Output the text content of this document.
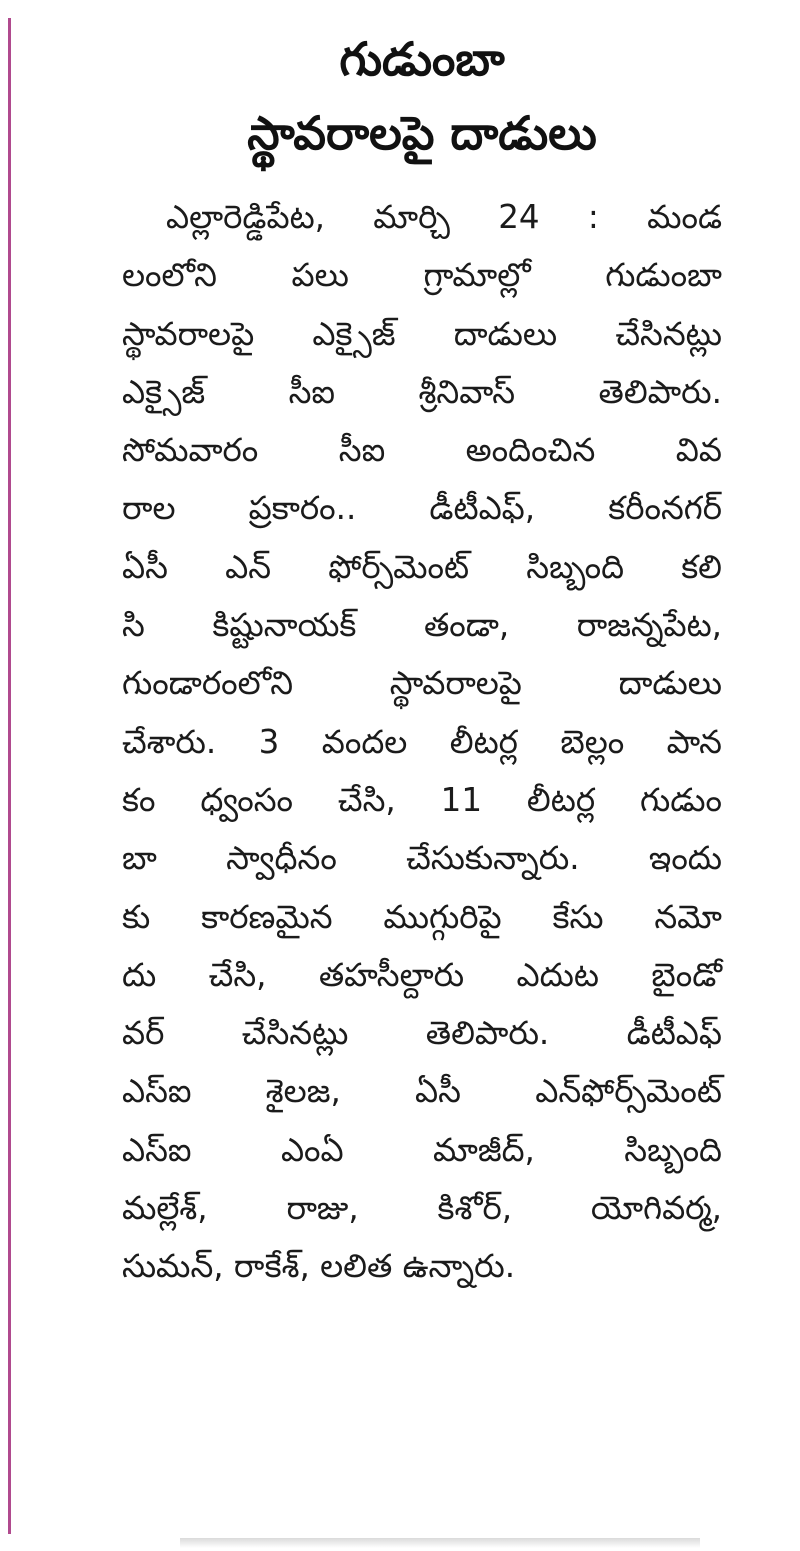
గుడుంబా
స్థావరాలపై దాడులు
ఎల్లారెడ్డిపేట, మార్చి 24 : మండ
లంలోని పలు గ్రామాల్లో గుడుంబా
స్థావరాలపై ఎక్సైజ్ దాడులు చేసినట్లు
ఎక్సైజ్ సీఐ శ్రీనివాస్ తెలిపారు.
సోమవారం సీఐ అందించిన వివ
రాల ప్రకారం.. డీటీఎఫ్, కరీంనగర్
ఏసీ ఎన్ ఫోర్స్‌మెంట్ సిబ్బంది కలి
సి కిష్టునాయక్ తండా, రాజన్నపేట,
గుండారంలోని స్థావరాలపై దాడులు
చేశారు. 3 వందల లీటర్ల బెల్లం పాన
కం ధ్వంసం చేసి, 11 లీటర్ల గుడుం
బా స్వాధీనం చేసుకున్నారు. ఇందు
కు కారణమైన ముగ్గురిపై కేసు నమో
దు చేసి, తహసీల్దారు ఎదుట బైండో
వర్ చేసినట్లు తెలిపారు. డీటీఎఫ్
ఎస్ఐ శైలజ, ఏసీ ఎన్‌ఫోర్స్‌మెంట్
ఎస్ఐ ఎంఏ మాజీద్, సిబ్బంది
మల్లేశ్, రాజు, కిశోర్, యోగివర్మ,
సుమన్, రాకేశ్, లలిత ఉన్నారు.
